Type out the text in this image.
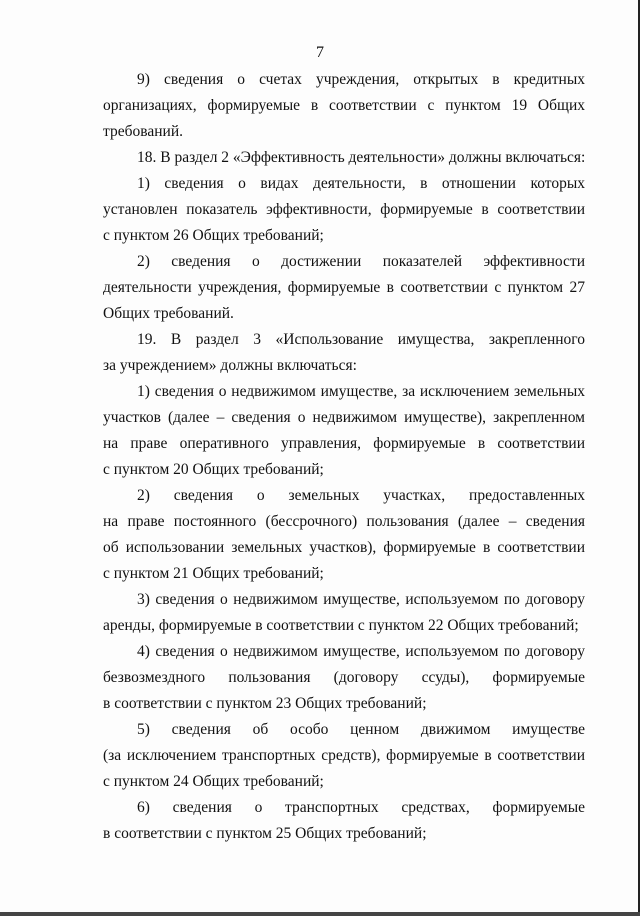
7
9) сведения о счетах учреждения, открытых в кредитных
организациях, формируемые в соответствии с пунктом 19 Общих
требований.
18. В раздел 2 «Эффективность деятельности» должны включаться:
1) сведения о видах деятельности, в отношении которых
установлен показатель эффективности, формируемые в соответствии
с пунктом 26 Общих требований;
2) сведения о достижении показателей эффективности
деятельности учреждения, формируемые в соответствии с пунктом 27
Общих требований.
19. В раздел 3 «Использование имущества, закрепленного
за учреждением» должны включаться:
1) сведения о недвижимом имуществе, за исключением земельных
участков (далее – сведения о недвижимом имуществе), закрепленном
на праве оперативного управления, формируемые в соответствии
с пунктом 20 Общих требований;
2) сведения о земельных участках, предоставленных
на праве постоянного (бессрочного) пользования (далее – сведения
об использовании земельных участков), формируемые в соответствии
с пунктом 21 Общих требований;
3) сведения о недвижимом имуществе, используемом по договору
аренды, формируемые в соответствии с пунктом 22 Общих требований;
4) сведения о недвижимом имуществе, используемом по договору
безвозмездного пользования (договору ссуды), формируемые
в соответствии с пунктом 23 Общих требований;
5) сведения об особо ценном движимом имуществе
(за исключением транспортных средств), формируемые в соответствии
с пунктом 24 Общих требований;
6) сведения о транспортных средствах, формируемые
в соответствии с пунктом 25 Общих требований;
